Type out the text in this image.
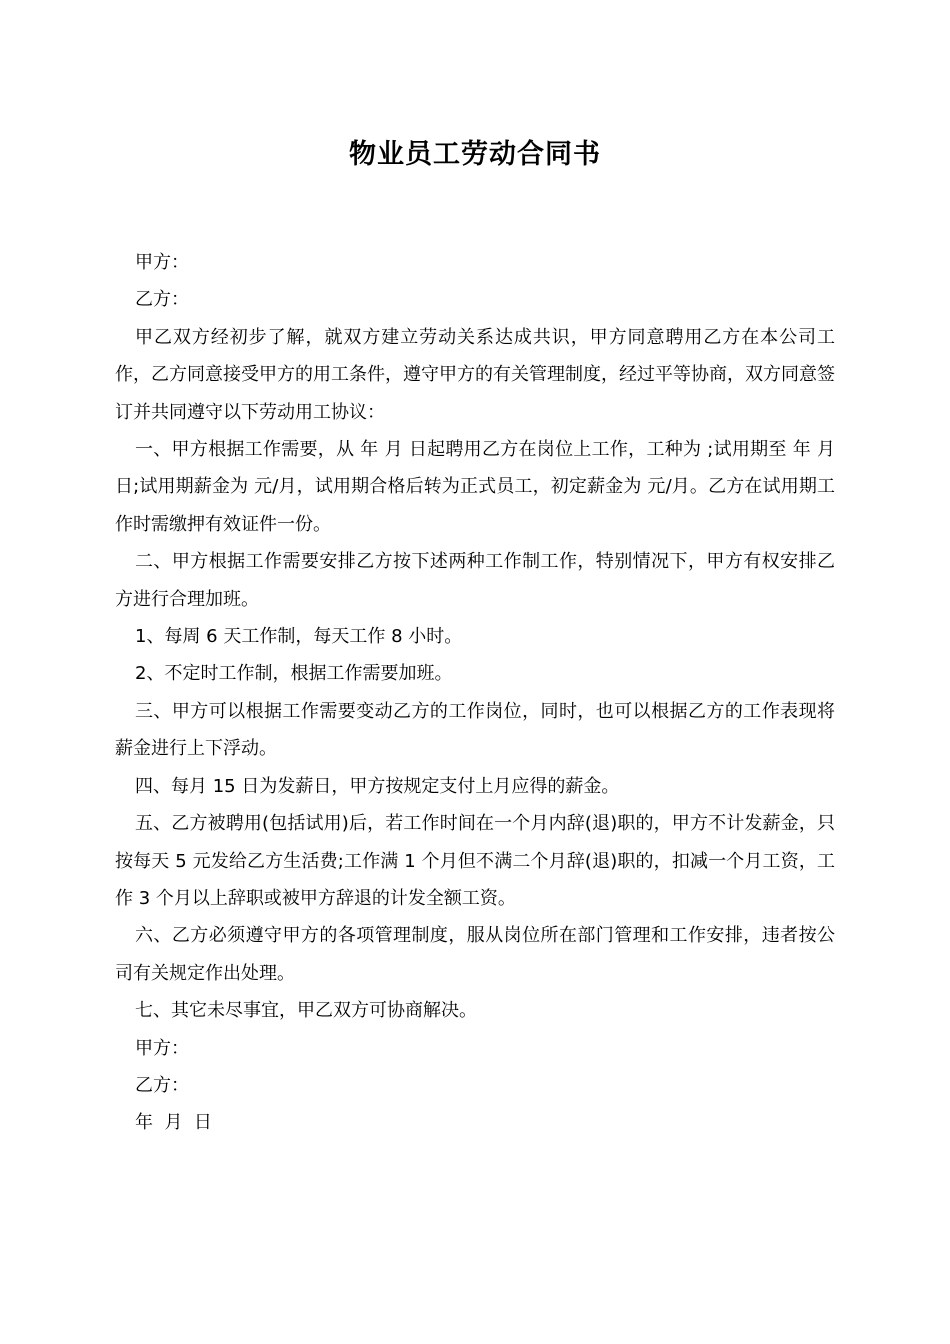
物业员工劳动合同书

甲方：

乙方：

甲乙双方经初步了解，就双方建立劳动关系达成共识，甲方同意聘用乙方在本公司工作，乙方同意接受甲方的用工条件，遵守甲方的有关管理制度，经过平等协商，双方同意签订并共同遵守以下劳动用工协议：

一、甲方根据工作需要，从 年 月 日起聘用乙方在岗位上工作，工种为 ;试用期至 年 月 日;试用期薪金为 元/月，试用期合格后转为正式员工，初定薪金为 元/月。乙方在试用期工作时需缴押有效证件一份。

二、甲方根据工作需要安排乙方按下述两种工作制工作，特别情况下，甲方有权安排乙方进行合理加班。

1、每周 6 天工作制，每天工作 8 小时。

2、不定时工作制，根据工作需要加班。

三、甲方可以根据工作需要变动乙方的工作岗位，同时，也可以根据乙方的工作表现将薪金进行上下浮动。

四、每月 15 日为发薪日，甲方按规定支付上月应得的薪金。

五、乙方被聘用(包括试用)后，若工作时间在一个月内辞(退)职的，甲方不计发薪金，只按每天 5 元发给乙方生活费;工作满 1 个月但不满二个月辞(退)职的，扣减一个月工资，工作 3 个月以上辞职或被甲方辞退的计发全额工资。

六、乙方必须遵守甲方的各项管理制度，服从岗位所在部门管理和工作安排，违者按公司有关规定作出处理。

七、其它未尽事宜，甲乙双方可协商解决。

甲方：

乙方：

年  月  日
